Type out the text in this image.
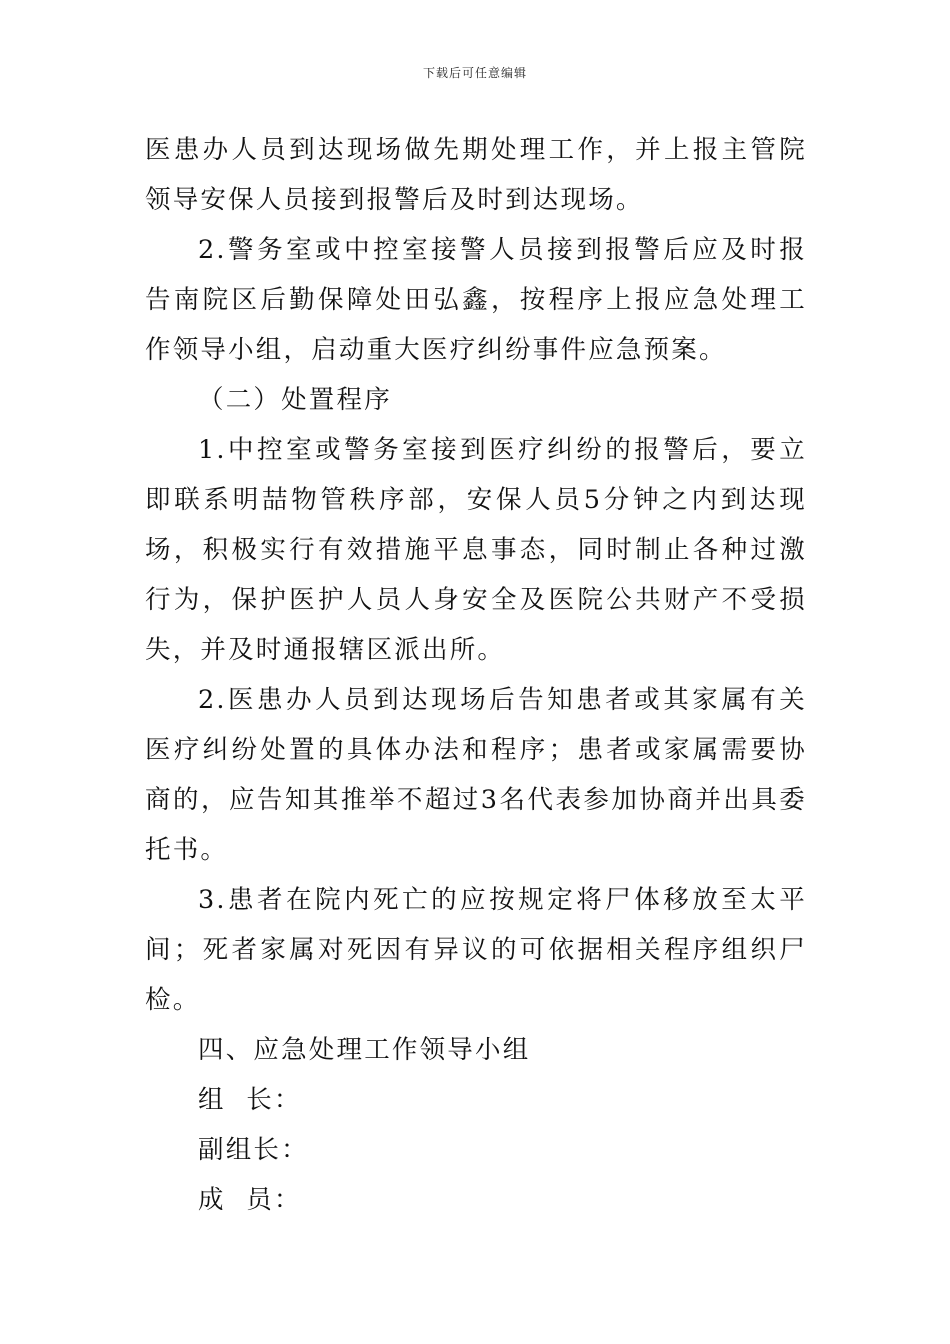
下载后可任意编辑

医患办人员到达现场做先期处理工作，并上报主管院领导安保人员接到报警后及时到达现场。

2.警务室或中控室接警人员接到报警后应及时报告南院区后勤保障处田弘鑫，按程序上报应急处理工作领导小组，启动重大医疗纠纷事件应急预案。

（二）处置程序

1.中控室或警务室接到医疗纠纷的报警后，要立即联系明喆物管秩序部，安保人员5分钟之内到达现场，积极实行有效措施平息事态，同时制止各种过激行为，保护医护人员人身安全及医院公共财产不受损失，并及时通报辖区派出所。

2.医患办人员到达现场后告知患者或其家属有关医疗纠纷处置的具体办法和程序；患者或家属需要协商的，应告知其推举不超过3名代表参加协商并出具委托书。

3.患者在院内死亡的应按规定将尸体移放至太平间；死者家属对死因有异议的可依据相关程序组织尸检。

四、应急处理工作领导小组

组  长：

副组长：

成  员：
